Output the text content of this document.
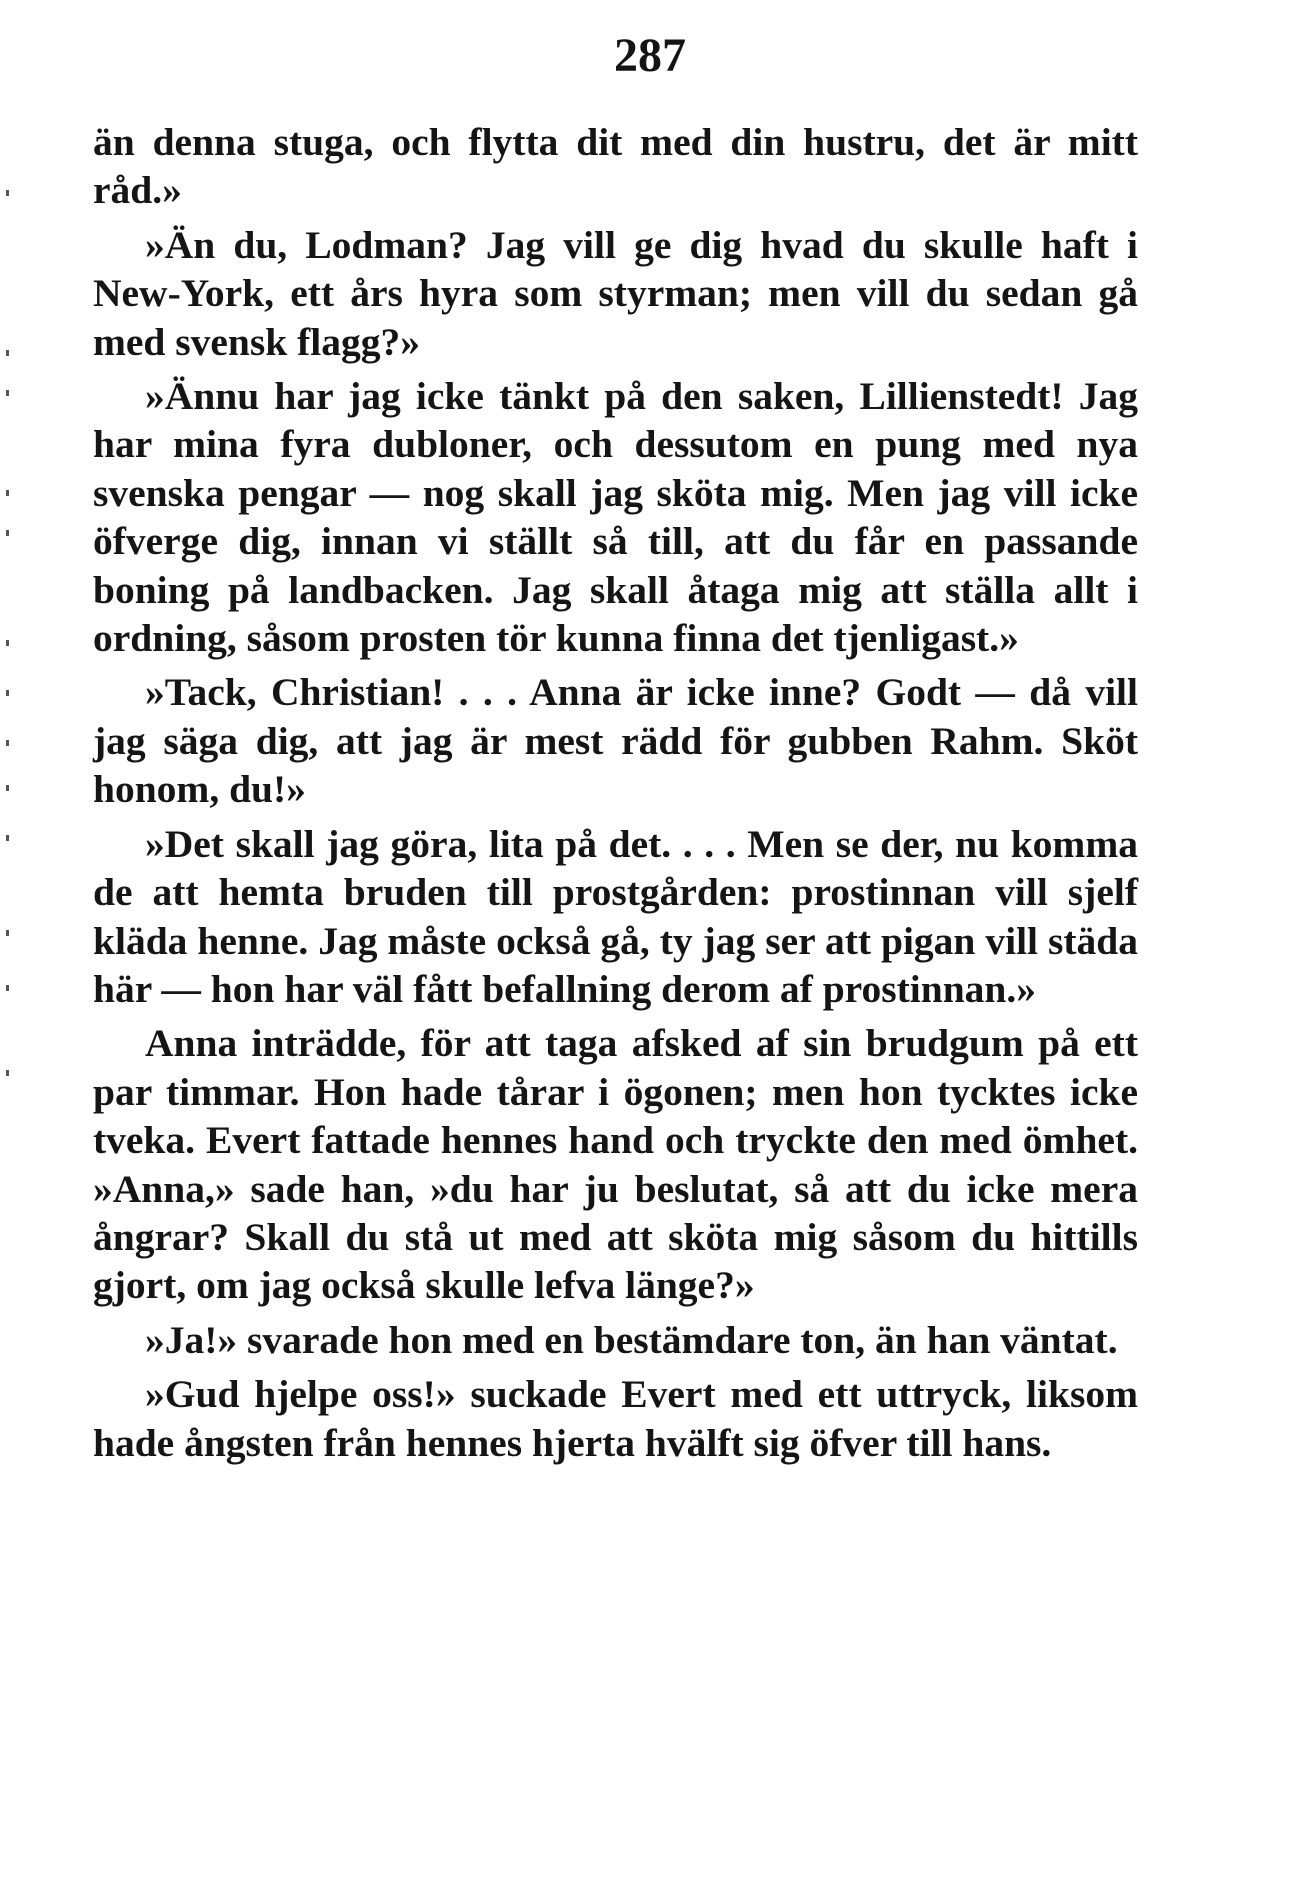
287

än denna stuga, och flytta dit med din hustru, det är mitt råd.»

»Än du, Lodman? Jag vill ge dig hvad du skulle haft i New-York, ett års hyra som styrman; men vill du sedan gå med svensk flagg?»

»Ännu har jag icke tänkt på den saken, Lillienstedt! Jag har mina fyra dubloner, och dessutom en pung med nya svenska pengar — nog skall jag sköta mig. Men jag vill icke öfverge dig, innan vi ställt så till, att du får en passande boning på landbacken. Jag skall åtaga mig att ställa allt i ordning, såsom prosten tör kunna finna det tjenligast.»

»Tack, Christian! . . . Anna är icke inne? Godt — då vill jag säga dig, att jag är mest rädd för gubben Rahm. Sköt honom, du!»

»Det skall jag göra, lita på det. . . . Men se der, nu komma de att hemta bruden till prostgården: prostinnan vill sjelf kläda henne. Jag måste också gå, ty jag ser att pigan vill städa här — hon har väl fått befallning derom af prostinnan.»

Anna inträdde, för att taga afsked af sin brudgum på ett par timmar. Hon hade tårar i ögonen; men hon tycktes icke tveka. Evert fattade hennes hand och tryckte den med ömhet. »Anna,» sade han, »du har ju beslutat, så att du icke mera ångrar? Skall du stå ut med att sköta mig såsom du hittills gjort, om jag också skulle lefva länge?»

»Ja!» svarade hon med en bestämdare ton, än han väntat.

»Gud hjelpe oss!» suckade Evert med ett uttryck, liksom hade ångsten från hennes hjerta hvälft sig öfver till hans.
